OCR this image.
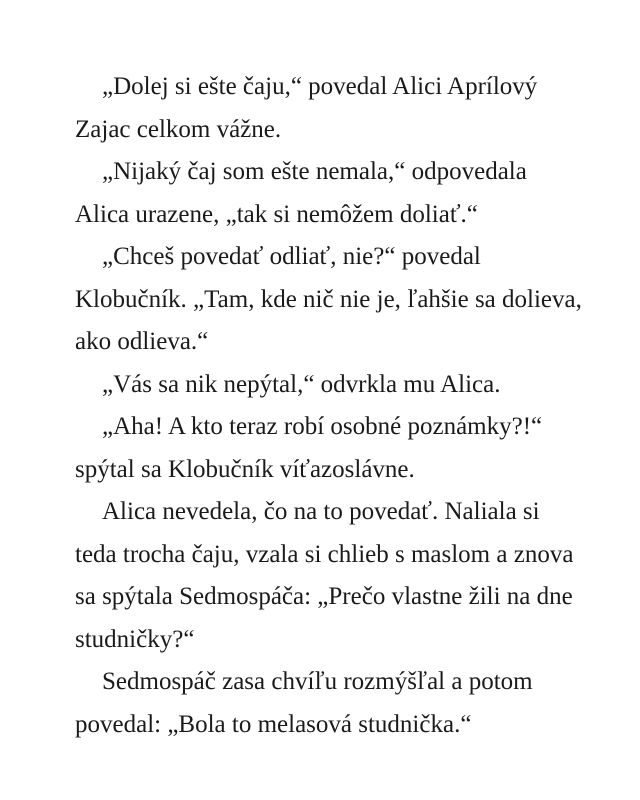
„Dolej si ešte čaju,“ povedal Alici Aprílový
Zajac celkom vážne.
„Nijaký čaj som ešte nemala,“ odpovedala
Alica urazene, „tak si nemôžem doliať.“
„Chceš povedať odliať, nie?“ povedal
Klobučník. „Tam, kde nič nie je, ľahšie sa dolieva,
ako odlieva.“
„Vás sa nik nepýtal,“ odvrkla mu Alica.
„Aha! A kto teraz robí osobné poznámky?!“
spýtal sa Klobučník víťazoslávne.
Alica nevedela, čo na to povedať. Naliala si
teda trocha čaju, vzala si chlieb s maslom a znova
sa spýtala Sedmospáča: „Prečo vlastne žili na dne
studničky?“
Sedmospáč zasa chvíľu rozmýšľal a potom
povedal: „Bola to melasová studnička.“
